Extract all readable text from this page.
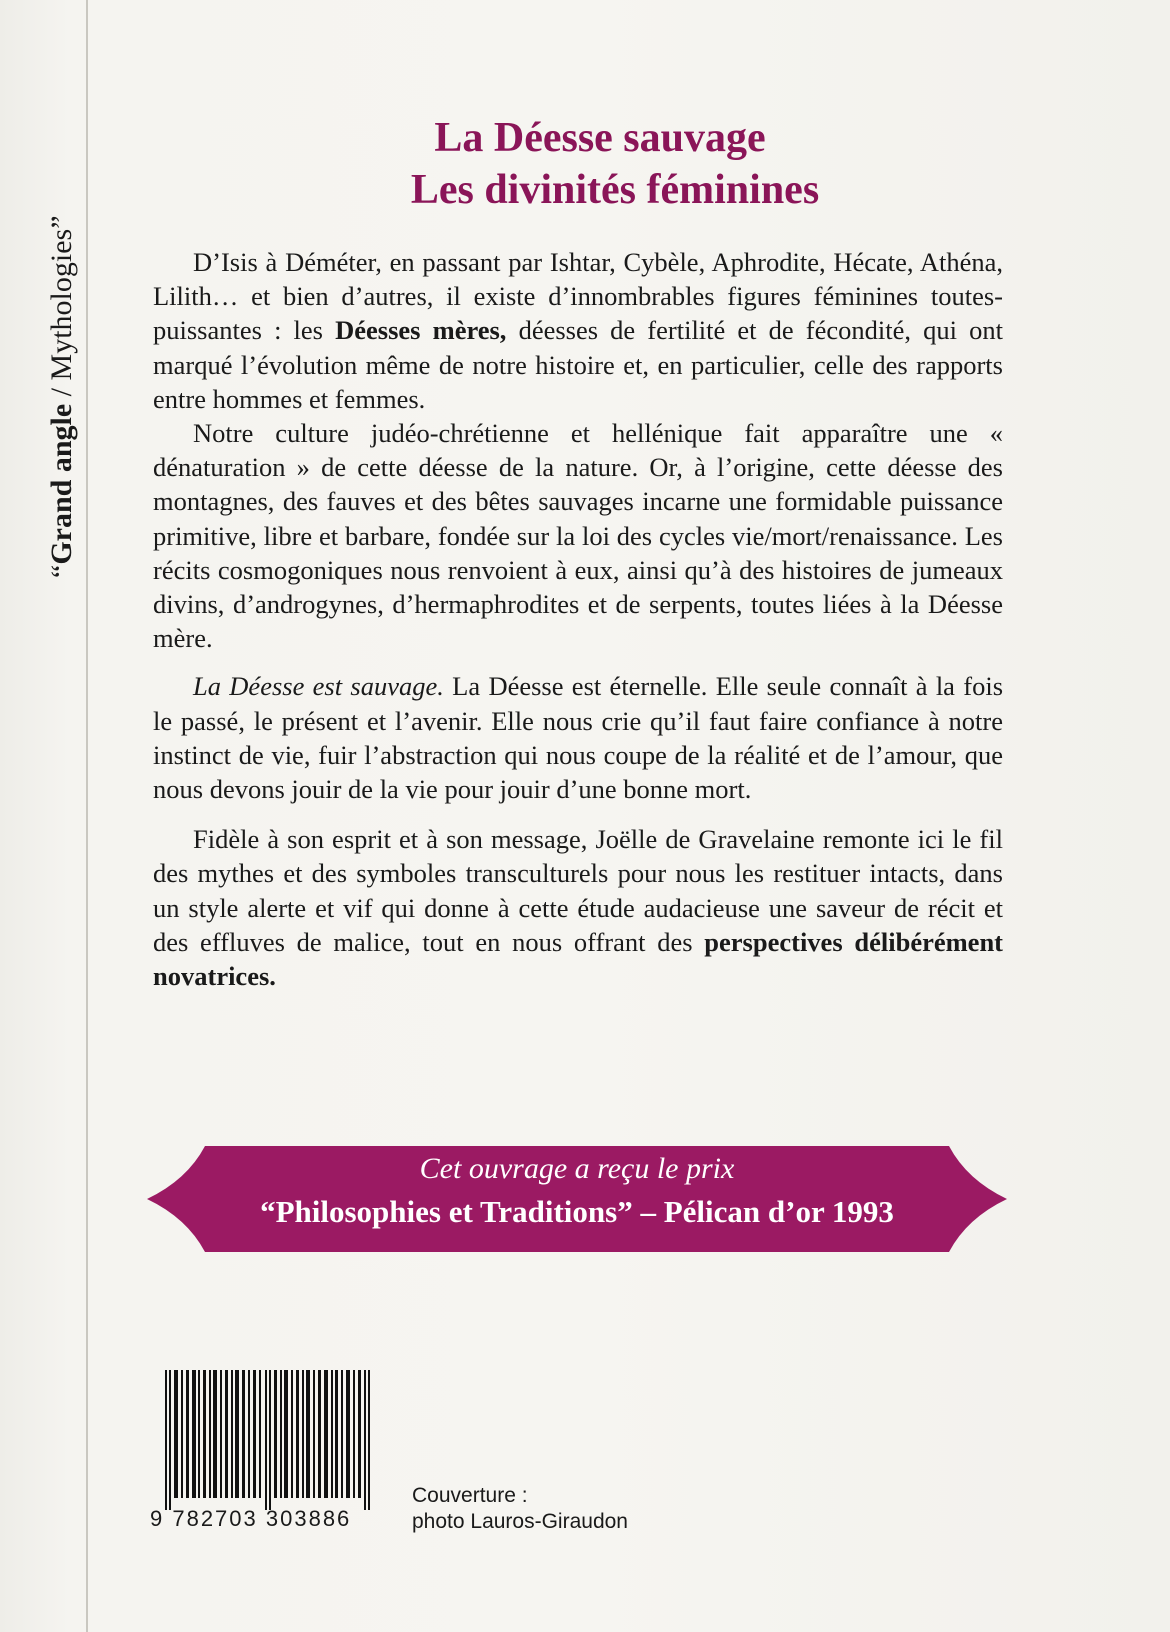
“Grand angle / Mythologies”
La Déesse sauvage
Les divinités féminines

D’Isis à Déméter, en passant par Ishtar, Cybèle, Aphrodite, Hécate, Athéna, Lilith… et bien d’autres, il existe d’innombrables figures féminines toutes-puissantes : les Déesses mères, déesses de fertilité et de fécondité, qui ont marqué l’évolution même de notre histoire et, en particulier, celle des rapports entre hommes et femmes.

Notre culture judéo-chrétienne et hellénique fait apparaître une « dénaturation » de cette déesse de la nature. Or, à l’origine, cette déesse des montagnes, des fauves et des bêtes sauvages incarne une formidable puissance primitive, libre et barbare, fondée sur la loi des cycles vie/mort/renaissance. Les récits cosmogoniques nous renvoient à eux, ainsi qu’à des histoires de jumeaux divins, d’androgynes, d’hermaphrodites et de serpents, toutes liées à la Déesse mère.

La Déesse est sauvage. La Déesse est éternelle. Elle seule connaît à la fois le passé, le présent et l’avenir. Elle nous crie qu’il faut faire confiance à notre instinct de vie, fuir l’abstraction qui nous coupe de la réalité et de l’amour, que nous devons jouir de la vie pour jouir d’une bonne mort.

Fidèle à son esprit et à son message, Joëlle de Gravelaine remonte ici le fil des mythes et des symboles transculturels pour nous les restituer intacts, dans un style alerte et vif qui donne à cette étude audacieuse une saveur de récit et des effluves de malice, tout en nous offrant des perspectives délibérément novatrices.

Cet ouvrage a reçu le prix
“Philosophies et Traditions” – Pélican d’or 1993
9 782703 303886
Couverture :
photo Lauros-Giraudon
